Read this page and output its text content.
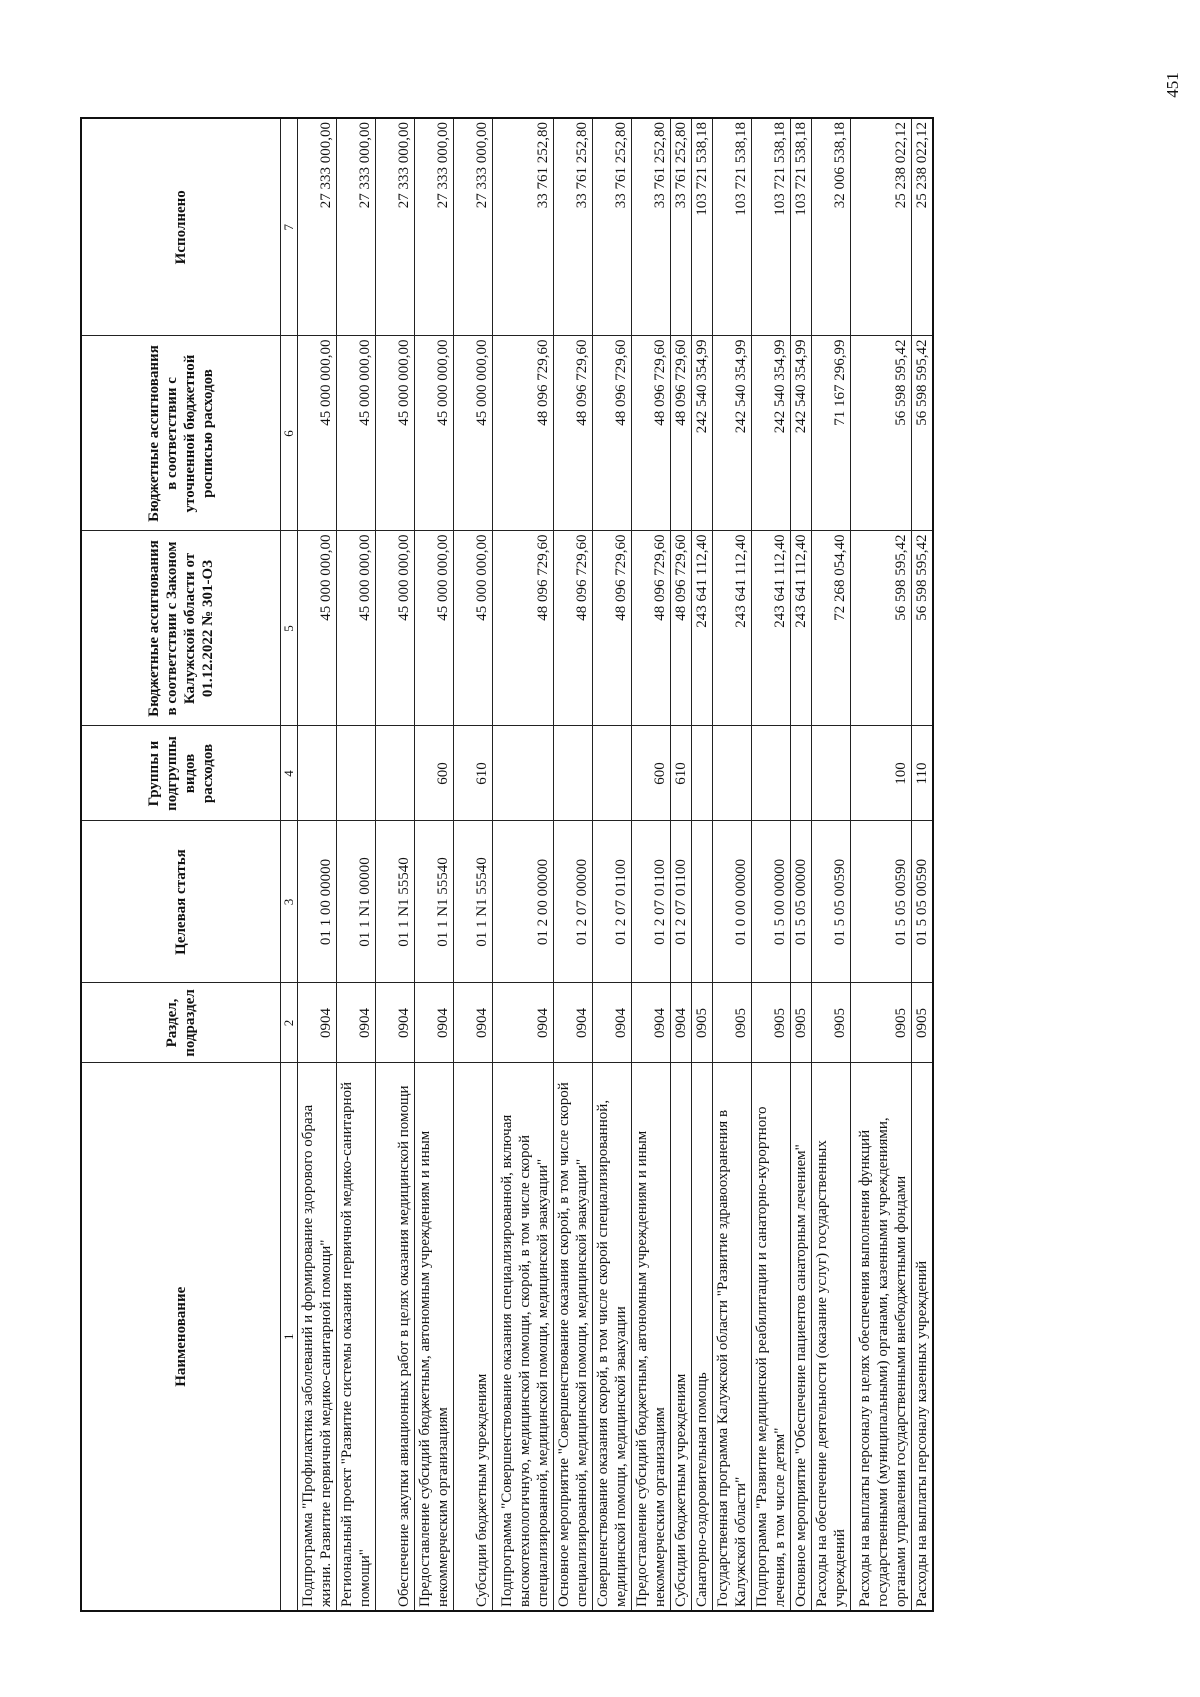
451
Наименование	Раздел, подраздел	Целевая статья	Группы и подгруппы видов расходов	Бюджетные ассигнования в соответствии с Законом Калужской области от 01.12.2022 № 301-ОЗ	Бюджетные ассигнования в соответствии с уточненной бюджетной росписью расходов	Исполнено
1	2	3	4	5	6	7
Подпрограмма "Профилактика заболеваний и формирование здорового образа жизни. Развитие первичной медико-санитарной помощи"	0904	01 1 00 00000		45 000 000,00	45 000 000,00	27 333 000,00
Региональный проект "Развитие системы оказания первичной медико-санитарной помощи"	0904	01 1 N1 00000		45 000 000,00	45 000 000,00	27 333 000,00
Обеспечение закупки авиационных работ в целях оказания медицинской помощи	0904	01 1 N1 55540		45 000 000,00	45 000 000,00	27 333 000,00
Предоставление субсидий бюджетным, автономным учреждениям и иным некоммерческим организациям	0904	01 1 N1 55540	600	45 000 000,00	45 000 000,00	27 333 000,00
Субсидии бюджетным учреждениям	0904	01 1 N1 55540	610	45 000 000,00	45 000 000,00	27 333 000,00
Подпрограмма "Совершенствование оказания специализированной, включая высокотехнологичную, медицинской помощи, скорой, в том числе скорой специализированной, медицинской помощи, медицинской эвакуации"	0904	01 2 00 00000		48 096 729,60	48 096 729,60	33 761 252,80
Основное мероприятие "Совершенствование оказания скорой, в том числе скорой специализированной, медицинской помощи, медицинской эвакуации"	0904	01 2 07 00000		48 096 729,60	48 096 729,60	33 761 252,80
Совершенствование оказания скорой, в том числе скорой специализированной, медицинской помощи, медицинской эвакуации	0904	01 2 07 01100		48 096 729,60	48 096 729,60	33 761 252,80
Предоставление субсидий бюджетным, автономным учреждениям и иным некоммерческим организациям	0904	01 2 07 01100	600	48 096 729,60	48 096 729,60	33 761 252,80
Субсидии бюджетным учреждениям	0904	01 2 07 01100	610	48 096 729,60	48 096 729,60	33 761 252,80
Санаторно-оздоровительная помощь	0905			243 641 112,40	242 540 354,99	103 721 538,18
Государственная программа Калужской области "Развитие здравоохранения в Калужской области"	0905	01 0 00 00000		243 641 112,40	242 540 354,99	103 721 538,18
Подпрограмма "Развитие медицинской реабилитации и санаторно-курортного лечения, в том числе детям"	0905	01 5 00 00000		243 641 112,40	242 540 354,99	103 721 538,18
Основное мероприятие "Обеспечение пациентов санаторным лечением"	0905	01 5 05 00000		243 641 112,40	242 540 354,99	103 721 538,18
Расходы на обеспечение деятельности (оказание услуг) государственных учреждений	0905	01 5 05 00590		72 268 054,40	71 167 296,99	32 006 538,18
Расходы на выплаты персоналу в целях обеспечения выполнения функций государственными (муниципальными) органами, казенными учреждениями, органами управления государственными внебюджетными фондами	0905	01 5 05 00590	100	56 598 595,42	56 598 595,42	25 238 022,12
Расходы на выплаты персоналу казенных учреждений	0905	01 5 05 00590	110	56 598 595,42	56 598 595,42	25 238 022,12
